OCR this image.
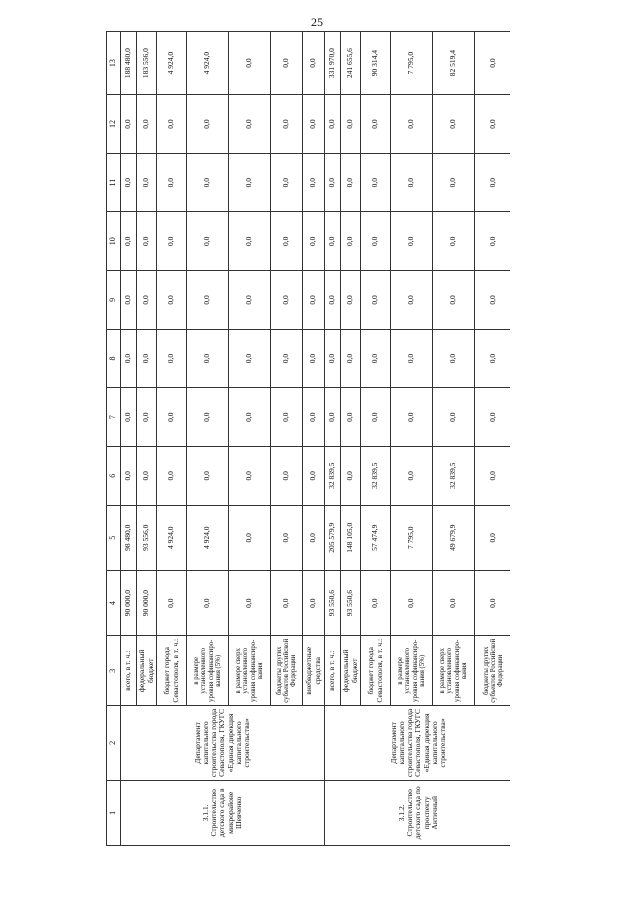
25
1	2	3	4	5	6	7	8	9	10	11	12	13
3.1.1. Строительство детского сада в микрорайоне Шевченко	Департамент капитального строительства города Севастополя, ГКУГС «Единая дирекция капитального строительства»	всего, в т. ч.:	90 000,0	98 480,0	0,0	0,0	0,0	0,0	0,0	0,0	0,0	188 480,0
		федеральный бюджет	90 000,0	93 556,0	0,0	0,0	0,0	0,0	0,0	0,0	0,0	183 556,0
		бюджет города Севастополя, в т. ч.:	0,0	4 924,0	0,0	0,0	0,0	0,0	0,0	0,0	0,0	4 924,0
		в размере установленного уровня софинансиро-вания (5%)	0,0	4 924,0	0,0	0,0	0,0	0,0	0,0	0,0	0,0	4 924,0
		в размере сверх установленного уровня софинансиро-вания	0,0	0,0	0,0	0,0	0,0	0,0	0,0	0,0	0,0	0,0
		бюджеты других субъектов Российской Федерации	0,0	0,0	0,0	0,0	0,0	0,0	0,0	0,0	0,0	0,0
		внебюджетные средства	0,0	0,0	0,0	0,0	0,0	0,0	0,0	0,0	0,0	0,0
3.1.2. Строительство детского сада по проспекту Античный	Департамент капитального строительства города Севастополя, ГКУГС «Единая дирекция капитального строительства»	всего, в т. ч.:	93 550,6	205 579,9	32 839,5	0,0	0,0	0,0	0,0	0,0	0,0	331 970,0
		федеральный бюджет	93 550,6	148 105,0	0,0	0,0	0,0	0,0	0,0	0,0	0,0	241 655,6
		бюджет города Севастополя, в т. ч.:	0,0	57 474,9	32 839,5	0,0	0,0	0,0	0,0	0,0	0,0	90 314,4
		в размере установленного уровня софинансиро-вания (5%)	0,0	7 795,0	0,0	0,0	0,0	0,0	0,0	0,0	0,0	7 795,0
		в размере сверх установленного уровня софинансиро-вания	0,0	49 679,9	32 839,5	0,0	0,0	0,0	0,0	0,0	0,0	82 519,4
		бюджеты других субъектов Российской Федерации	0,0	0,0	0,0	0,0	0,0	0,0	0,0	0,0	0,0	0,0
